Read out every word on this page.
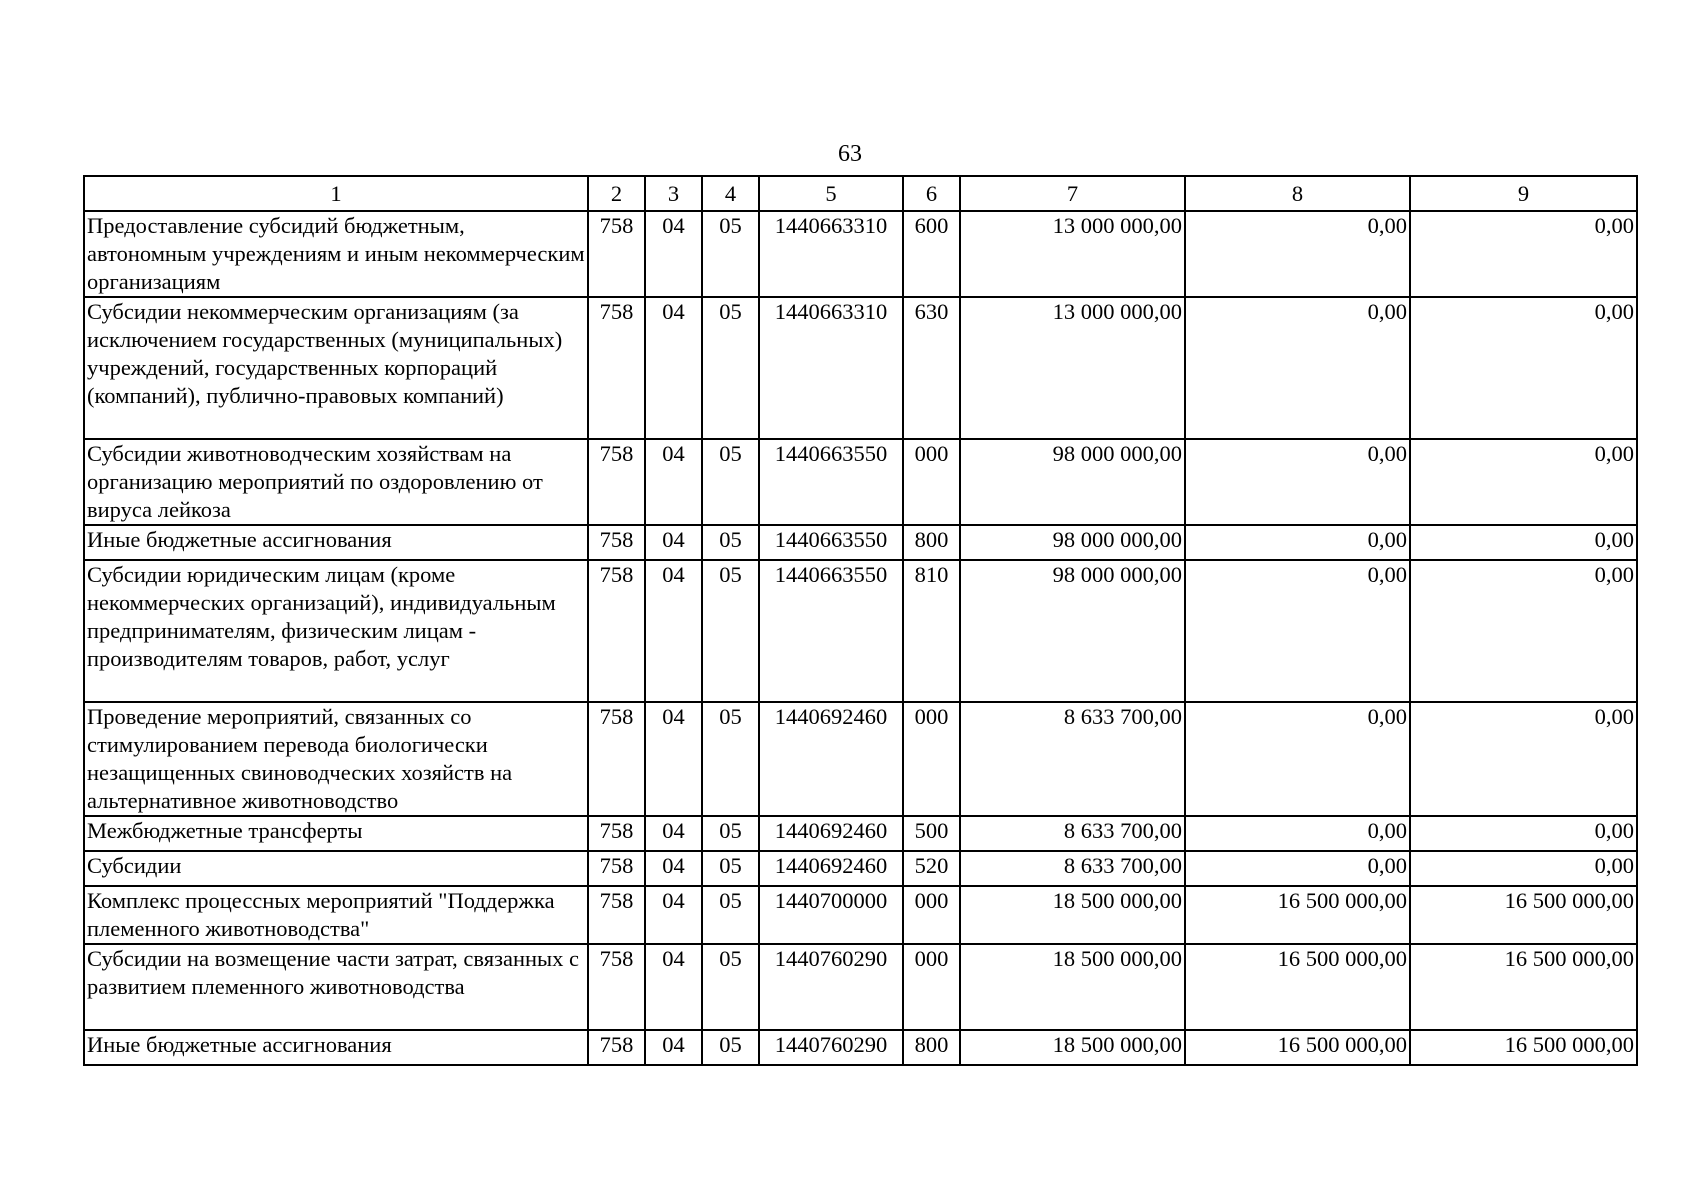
63
1	2	3	4	5	6	7	8	9
Предоставление субсидий бюджетным, автономным учреждениям и иным некоммерческим организациям	758	04	05	1440663310	600	13 000 000,00	0,00	0,00
Субсидии некоммерческим организациям (за исключением государственных (муниципальных) учреждений, государственных корпораций (компаний), публично-правовых компаний)	758	04	05	1440663310	630	13 000 000,00	0,00	0,00
Субсидии животноводческим хозяйствам на организацию мероприятий по оздоровлению от вируса лейкоза	758	04	05	1440663550	000	98 000 000,00	0,00	0,00
Иные бюджетные ассигнования	758	04	05	1440663550	800	98 000 000,00	0,00	0,00
Субсидии юридическим лицам (кроме некоммерческих организаций), индивидуальным предпринимателям, физическим лицам - производителям товаров, работ, услуг	758	04	05	1440663550	810	98 000 000,00	0,00	0,00
Проведение мероприятий, связанных со стимулированием перевода биологически незащищенных свиноводческих хозяйств на альтернативное животноводство	758	04	05	1440692460	000	8 633 700,00	0,00	0,00
Межбюджетные трансферты	758	04	05	1440692460	500	8 633 700,00	0,00	0,00
Субсидии	758	04	05	1440692460	520	8 633 700,00	0,00	0,00
Комплекс процессных мероприятий "Поддержка племенного животноводства"	758	04	05	1440700000	000	18 500 000,00	16 500 000,00	16 500 000,00
Субсидии на возмещение части затрат, связанных с развитием племенного животноводства	758	04	05	1440760290	000	18 500 000,00	16 500 000,00	16 500 000,00
Иные бюджетные ассигнования	758	04	05	1440760290	800	18 500 000,00	16 500 000,00	16 500 000,00
